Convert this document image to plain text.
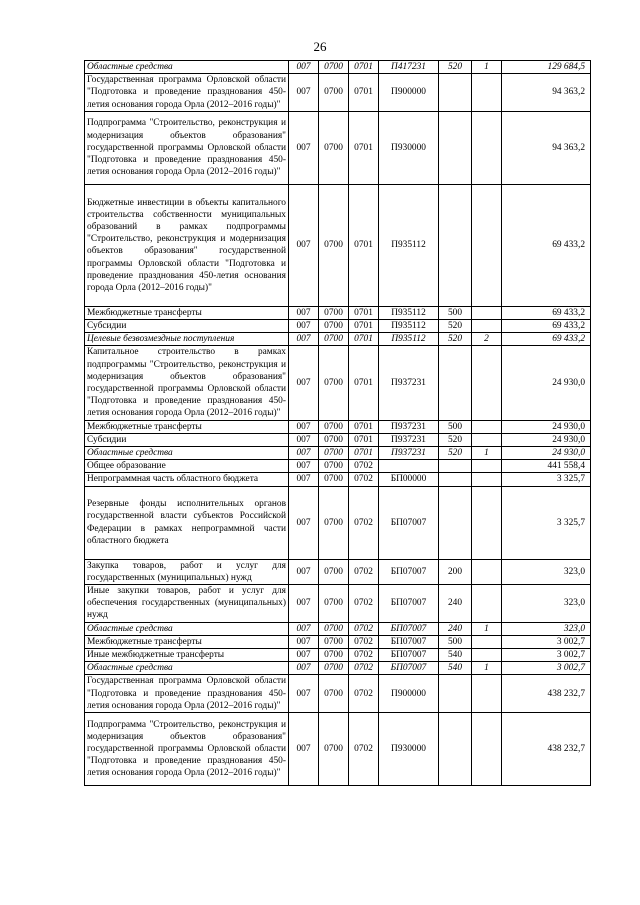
26
Областные средства	007	0700	0701	П417231	520	1	129 684,5
Государственная программа Орловской области "Подготовка и проведение празднования 450-летия основания города Орла (2012–2016 годы)"	007	0700	0701	П900000			94 363,2
Подпрограмма "Строительство, реконструкция и модернизация объектов образования" государственной программы Орловской области "Подготовка и проведение празднования 450-летия основания города Орла (2012–2016 годы)"	007	0700	0701	П930000			94 363,2
Бюджетные инвестиции в объекты капитального строительства собственности муниципальных образований в рамках подпрограммы "Строительство, реконструкция и модернизация объектов образования" государственной программы Орловской области "Подготовка и проведение празднования 450-летия основания города Орла (2012–2016 годы)"	007	0700	0701	П935112			69 433,2
Межбюджетные трансферты	007	0700	0701	П935112	500		69 433,2
Субсидии	007	0700	0701	П935112	520		69 433,2
Целевые безвозмездные поступления	007	0700	0701	П935112	520	2	69 433,2
Капитальное строительство в рамках подпрограммы "Строительство, реконструкция и модернизация объектов образования" государственной программы Орловской области "Подготовка и проведение празднования 450-летия основания города Орла (2012–2016 годы)"	007	0700	0701	П937231			24 930,0
Межбюджетные трансферты	007	0700	0701	П937231	500		24 930,0
Субсидии	007	0700	0701	П937231	520		24 930,0
Областные средства	007	0700	0701	П937231	520	1	24 930,0
Общее образование	007	0700	0702				441 558,4
Непрограммная часть областного бюджета	007	0700	0702	БП00000			3 325,7
Резервные фонды исполнительных органов государственной власти субъектов Российской Федерации в рамках непрограммной части областного бюджета	007	0700	0702	БП07007			3 325,7
Закупка товаров, работ и услуг для государственных (муниципальных) нужд	007	0700	0702	БП07007	200		323,0
Иные закупки товаров, работ и услуг для обеспечения государственных (муниципальных) нужд	007	0700	0702	БП07007	240		323,0
Областные средства	007	0700	0702	БП07007	240	1	323,0
Межбюджетные трансферты	007	0700	0702	БП07007	500		3 002,7
Иные межбюджетные трансферты	007	0700	0702	БП07007	540		3 002,7
Областные средства	007	0700	0702	БП07007	540	1	3 002,7
Государственная программа Орловской области "Подготовка и проведение празднования 450-летия основания города Орла (2012–2016 годы)"	007	0700	0702	П900000			438 232,7
Подпрограмма "Строительство, реконструкция и модернизация объектов образования" государственной программы Орловской области "Подготовка и проведение празднования 450-летия основания города Орла (2012–2016 годы)"	007	0700	0702	П930000			438 232,7
